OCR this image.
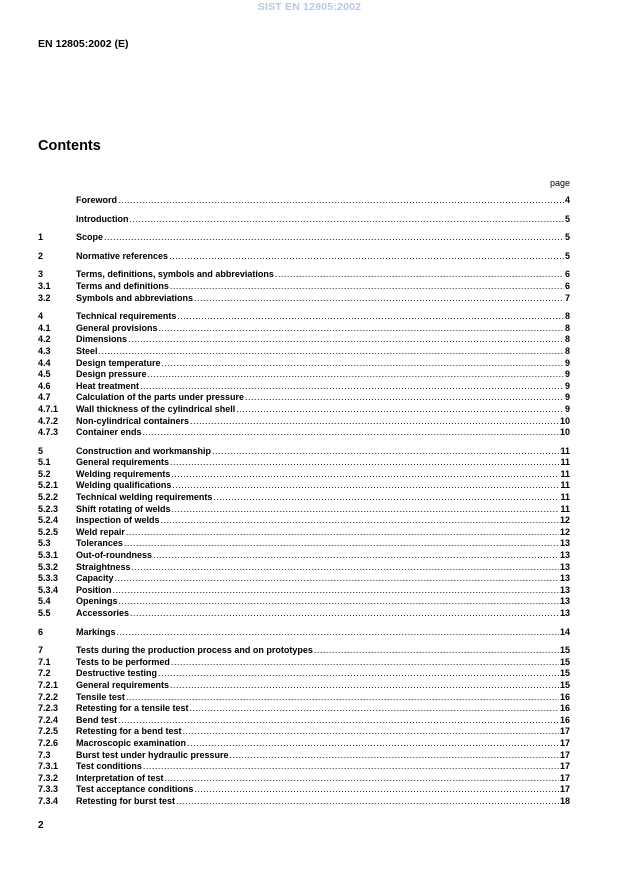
SIST EN 12805:2002
EN 12805:2002 (E)
Contents
page
Foreword .....	4
Introduction .....	5
1	Scope .....	5
2	Normative references .....	5
3	Terms, definitions, symbols and abbreviations .....	6
3.1	Terms and definitions .....	6
3.2	Symbols and abbreviations .....	7
4	Technical requirements .....	8
4.1	General provisions .....	8
4.2	Dimensions .....	8
4.3	Steel .....	8
4.4	Design temperature .....	9
4.5	Design pressure .....	9
4.6	Heat treatment .....	9
4.7	Calculation of the parts under pressure .....	9
4.7.1	Wall thickness of the cylindrical shell .....	9
4.7.2	Non-cylindrical containers .....	10
4.7.3	Container ends .....	10
5	Construction and workmanship .....	11
5.1	General requirements .....	11
5.2	Welding requirements .....	11
5.2.1	Welding qualifications .....	11
5.2.2	Technical welding requirements .....	11
5.2.3	Shift rotating of welds .....	11
5.2.4	Inspection of welds .....	12
5.2.5	Weld repair .....	12
5.3	Tolerances .....	13
5.3.1	Out-of-roundness .....	13
5.3.2	Straightness .....	13
5.3.3	Capacity .....	13
5.3.4	Position .....	13
5.4	Openings .....	13
5.5	Accessories .....	13
6	Markings .....	14
7	Tests during the production process and on prototypes .....	15
7.1	Tests to be performed .....	15
7.2	Destructive testing .....	15
7.2.1	General requirements .....	15
7.2.2	Tensile test .....	16
7.2.3	Retesting for a tensile test .....	16
7.2.4	Bend test .....	16
7.2.5	Retesting for a bend test .....	17
7.2.6	Macroscopic examination .....	17
7.3	Burst test under hydraulic pressure .....	17
7.3.1	Test conditions .....	17
7.3.2	Interpretation of test .....	17
7.3.3	Test acceptance conditions .....	17
7.3.4	Retesting for burst test .....	18
2
